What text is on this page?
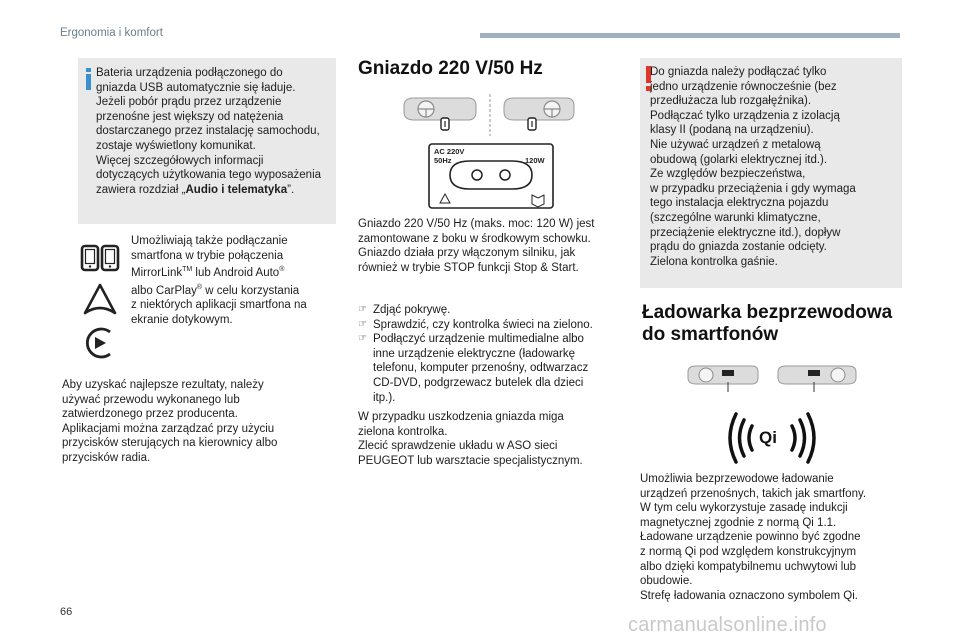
Ergonomia i komfort
Bateria urządzenia podłączonego do
gniazda USB automatycznie się ładuje.
Jeżeli pobór prądu przez urządzenie
przenośne jest większy od natężenia
dostarczanego przez instalację samochodu,
zostaje wyświetlony komunikat.
Więcej szczegółowych informacji
dotyczących użytkowania tego wyposażenia
zawiera rozdział „Audio i telematyka”.
Umożliwiają także podłączanie
smartfona w trybie połączenia
MirrorLink™ lub Android Auto®
albo CarPlay® w celu korzystania
z niektórych aplikacji smartfona na
ekranie dotykowym.
Aby uzyskać najlepsze rezultaty, należy
używać przewodu wykonanego lub
zatwierdzonego przez producenta.
Aplikacjami można zarządzać przy użyciu
przycisków sterujących na kierownicy albo
przycisków radia.
Gniazdo 220 V/50 Hz
AC 220V
50Hz	120W
Gniazdo 220 V/50 Hz (maks. moc: 120 W) jest
zamontowane z boku w środkowym schowku.
Gniazdo działa przy włączonym silniku, jak
również w trybie STOP funkcji Stop & Start.
☞ Zdjąć pokrywę.
☞ Sprawdzić, czy kontrolka świeci na zielono.
☞ Podłączyć urządzenie multimedialne albo
inne urządzenie elektryczne (ładowarkę
telefonu, komputer przenośny, odtwarzacz
CD-DVD, podgrzewacz butelek dla dzieci
itp.).
W przypadku uszkodzenia gniazda miga
zielona kontrolka.
Zlecić sprawdzenie układu w ASO sieci
PEUGEOT lub warsztacie specjalistycznym.
Do gniazda należy podłączać tylko
jedno urządzenie równocześnie (bez
przedłużacza lub rozgałęźnika).
Podłączać tylko urządzenia z izolacją
klasy II (podaną na urządzeniu).
Nie używać urządzeń z metalową
obudową (golarki elektrycznej itd.).
Ze względów bezpieczeństwa,
w przypadku przeciążenia i gdy wymaga
tego instalacja elektryczna pojazdu
(szczególne warunki klimatyczne,
przeciążenie elektryczne itd.), dopływ
prądu do gniazda zostanie odcięty.
Zielona kontrolka gaśnie.
Ładowarka bezprzewodowa do smartfonów
Qi
Umożliwia bezprzewodowe ładowanie
urządzeń przenośnych, takich jak smartfony.
W tym celu wykorzystuje zasadę indukcji
magnetycznej zgodnie z normą Qi 1.1.
Ładowane urządzenie powinno być zgodne
z normą Qi pod względem konstrukcyjnym
albo dzięki kompatybilnemu uchwytowi lub
obudowie.
Strefę ładowania oznaczono symbolem Qi.
66
carmanualsonline.info
